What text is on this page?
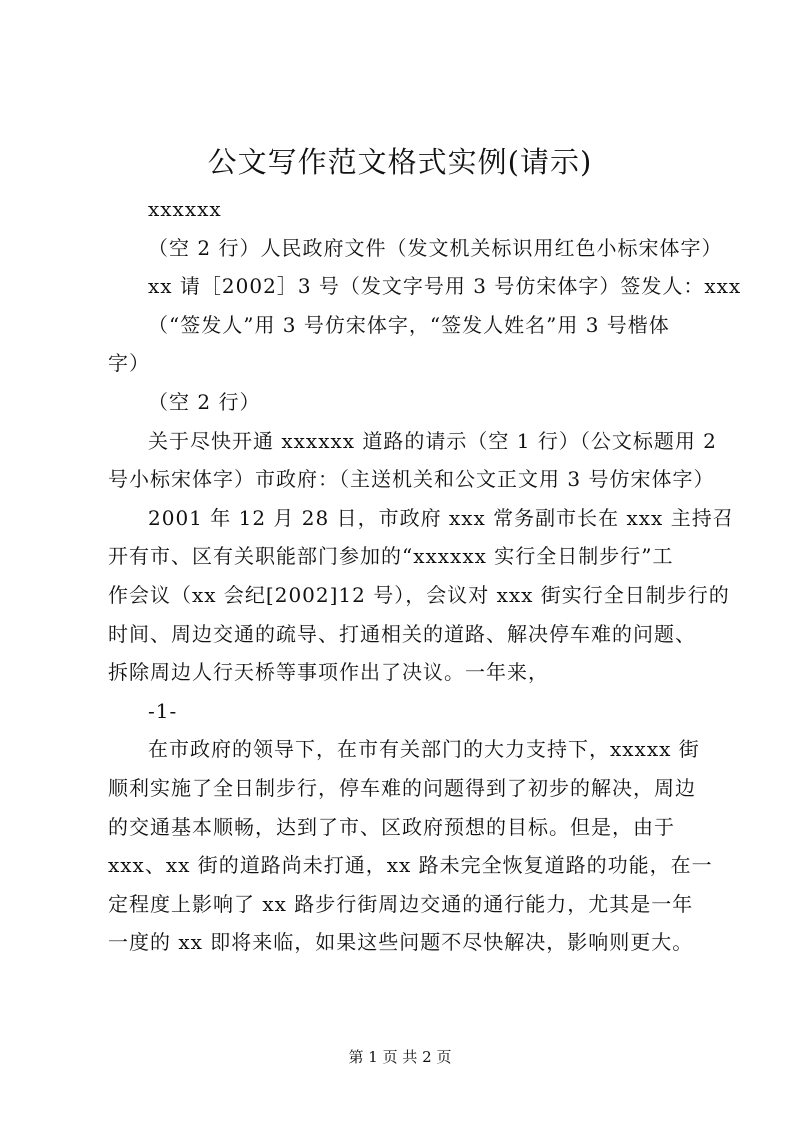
公文写作范文格式实例(请示)
xxxxxx
（空 2 行）人民政府文件（发文机关标识用红色小标宋体字）
xx 请［2002］3 号（发文字号用 3 号仿宋体字）签发人：xxx
（“签发人”用 3 号仿宋体字，“签发人姓名”用 3 号楷体
字）
（空 2 行）
关于尽快开通 xxxxxx 道路的请示（空 1 行）（公文标题用 2
号小标宋体字）市政府：（主送机关和公文正文用 3 号仿宋体字）
2001 年 12 月 28 日，市政府 xxx 常务副市长在 xxx 主持召
开有市、区有关职能部门参加的“xxxxxx 实行全日制步行”工
作会议（xx 会纪[2002]12 号），会议对 xxx 街实行全日制步行的
时间、周边交通的疏导、打通相关的道路、解决停车难的问题、
拆除周边人行天桥等事项作出了决议。一年来，
-1-
在市政府的领导下，在市有关部门的大力支持下，xxxxx 街
顺利实施了全日制步行，停车难的问题得到了初步的解决，周边
的交通基本顺畅，达到了市、区政府预想的目标。但是，由于
xxx、xx 街的道路尚未打通，xx 路未完全恢复道路的功能，在一
定程度上影响了 xx 路步行街周边交通的通行能力，尤其是一年
一度的 xx 即将来临，如果这些问题不尽快解决，影响则更大。
第 1 页 共 2 页
